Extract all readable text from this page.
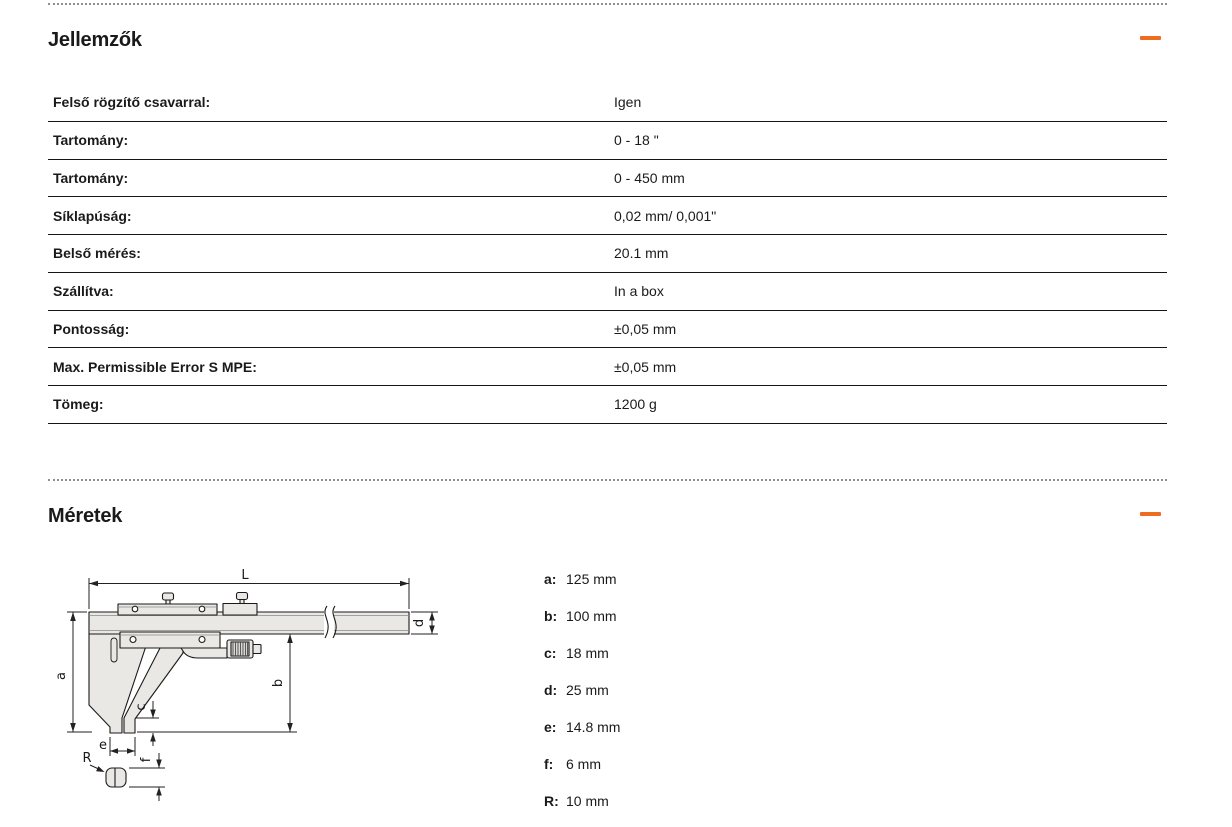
Jellemzők
Felső rögzítő csavarral:	Igen
Tartomány:	0 - 18 "
Tartomány:	0 - 450 mm
Síklapúság:	0,02 mm/ 0,001"
Belső mérés:	20.1 mm
Szállítva:	In a box
Pontosság:	±0,05 mm
Max. Permissible Error S MPE:	±0,05 mm
Tömeg:	1200 g
Méretek
L
a
b
c
d
e
f
R
a: 125 mm
b: 100 mm
c: 18 mm
d: 25 mm
e: 14.8 mm
f: 6 mm
R: 10 mm
